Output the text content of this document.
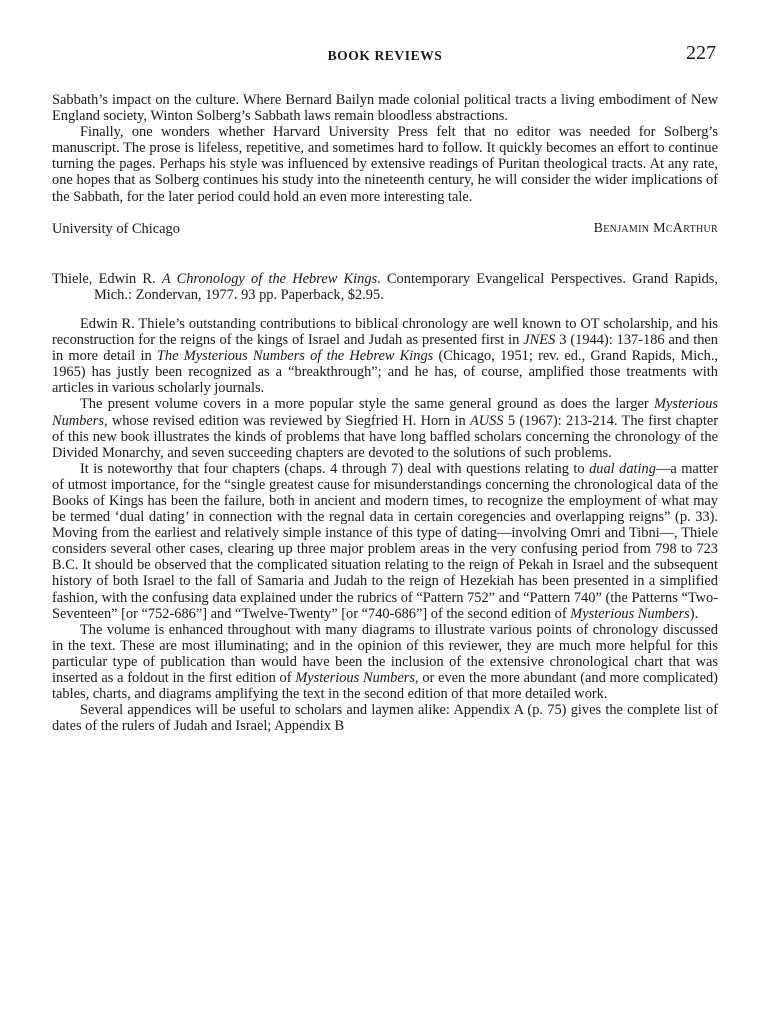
BOOK REVIEWS	227

Sabbath’s impact on the culture. Where Bernard Bailyn made colonial political tracts a living embodiment of New England society, Winton Solberg’s Sabbath laws remain bloodless abstractions.

Finally, one wonders whether Harvard University Press felt that no editor was needed for Solberg’s manuscript. The prose is lifeless, repetitive, and sometimes hard to follow. It quickly becomes an effort to continue turning the pages. Perhaps his style was influenced by extensive readings of Puritan theological tracts. At any rate, one hopes that as Solberg continues his study into the nineteenth century, he will consider the wider implications of the Sabbath, for the later period could hold an even more interesting tale.

University of Chicago	Benjamin McArthur

Thiele, Edwin R. A Chronology of the Hebrew Kings. Contemporary Evangelical Perspectives. Grand Rapids, Mich.: Zondervan, 1977. 93 pp. Paperback, $2.95.

Edwin R. Thiele’s outstanding contributions to biblical chronology are well known to OT scholarship, and his reconstruction for the reigns of the kings of Israel and Judah as presented first in JNES 3 (1944): 137-186 and then in more detail in The Mysterious Numbers of the Hebrew Kings (Chicago, 1951; rev. ed., Grand Rapids, Mich., 1965) has justly been recognized as a “breakthrough”; and he has, of course, amplified those treatments with articles in various scholarly journals.

The present volume covers in a more popular style the same general ground as does the larger Mysterious Numbers, whose revised edition was reviewed by Siegfried H. Horn in AUSS 5 (1967): 213-214. The first chapter of this new book illustrates the kinds of problems that have long baffled scholars concerning the chronology of the Divided Monarchy, and seven succeeding chapters are devoted to the solutions of such problems.

It is noteworthy that four chapters (chaps. 4 through 7) deal with questions relating to dual dating—a matter of utmost importance, for the “single greatest cause for misunderstandings concerning the chronological data of the Books of Kings has been the failure, both in ancient and modern times, to recognize the employment of what may be termed ‘dual dating’ in connection with the regnal data in certain coregencies and overlapping reigns” (p. 33). Moving from the earliest and relatively simple instance of this type of dating—involving Omri and Tibni—, Thiele considers several other cases, clearing up three major problem areas in the very confusing period from 798 to 723 B.C. It should be observed that the complicated situation relating to the reign of Pekah in Israel and the subsequent history of both Israel to the fall of Samaria and Judah to the reign of Hezekiah has been presented in a simplified fashion, with the confusing data explained under the rubrics of “Pattern 752” and “Pattern 740” (the Patterns “Two-Seventeen” [or “752-686”] and “Twelve-Twenty” [or “740-686”] of the second edition of Mysterious Numbers).

The volume is enhanced throughout with many diagrams to illustrate various points of chronology discussed in the text. These are most illuminating; and in the opinion of this reviewer, they are much more helpful for this particular type of publication than would have been the inclusion of the extensive chronological chart that was inserted as a foldout in the first edition of Mysterious Numbers, or even the more abundant (and more complicated) tables, charts, and diagrams amplifying the text in the second edition of that more detailed work.

Several appendices will be useful to scholars and laymen alike: Appendix A (p. 75) gives the complete list of dates of the rulers of Judah and Israel; Appendix B
